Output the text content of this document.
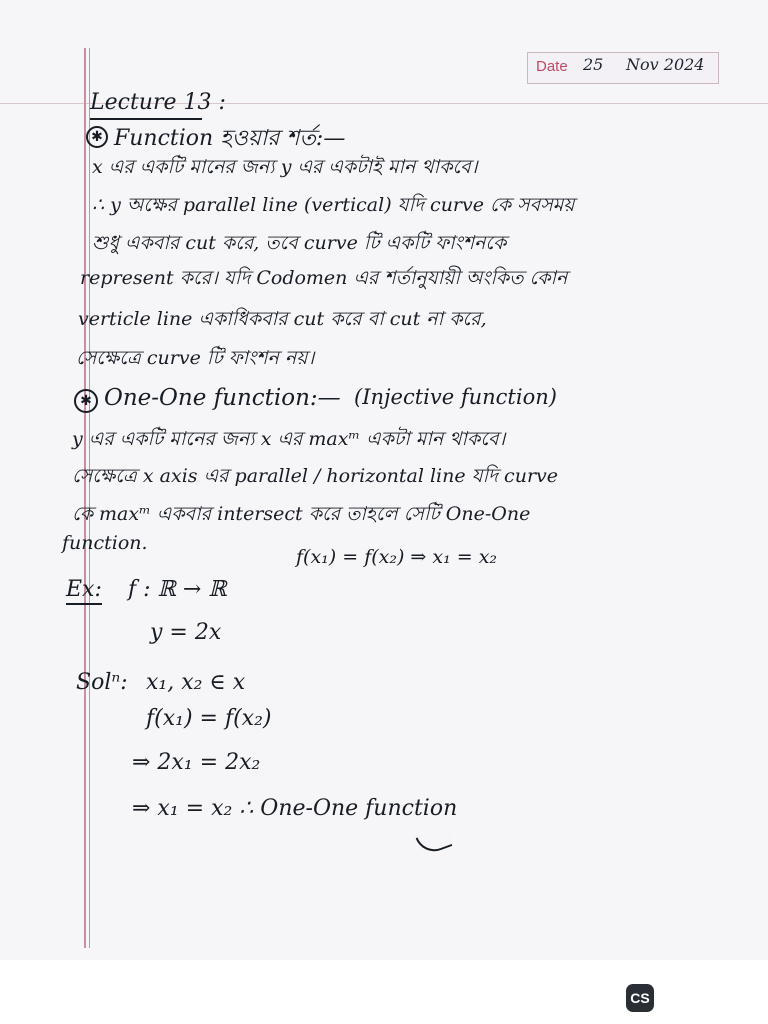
Date 25 Nov 2024

Lecture 13 :

✱ Function হওয়ার শর্ত:—

x এর একটি মানের জন্য y এর একটাই মান থাকবে।

∴ y অক্ষের parallel line (vertical) যদি curve কে সবসময়

শুধু একবার cut করে, তবে curve টি একটি ফাংশনকে

represent করে। যদি Codomen এর শর্তানুযায়ী অংকিত কোন

verticle line একাধিকবার cut করে বা cut না করে,

সেক্ষেত্রে curve টি ফাংশন নয়।

✱ One-One function:— (Injective function)

y এর একটি মানের জন্য x এর maxᵐ একটা মান থাকবে।

সেক্ষেত্রে x axis এর parallel / horizontal line যদি curve

কে maxᵐ একবার intersect করে তাহলে সেটি One-One

function.

f(x₁) = f(x₂) ⇒ x₁ = x₂

Ex: f : ℝ → ℝ

y = 2x

Solⁿ: x₁, x₂ ∈ x

f(x₁) = f(x₂)

⇒ 2x₁ = 2x₂

⇒ x₁ = x₂ ∴ One-One function

CS
